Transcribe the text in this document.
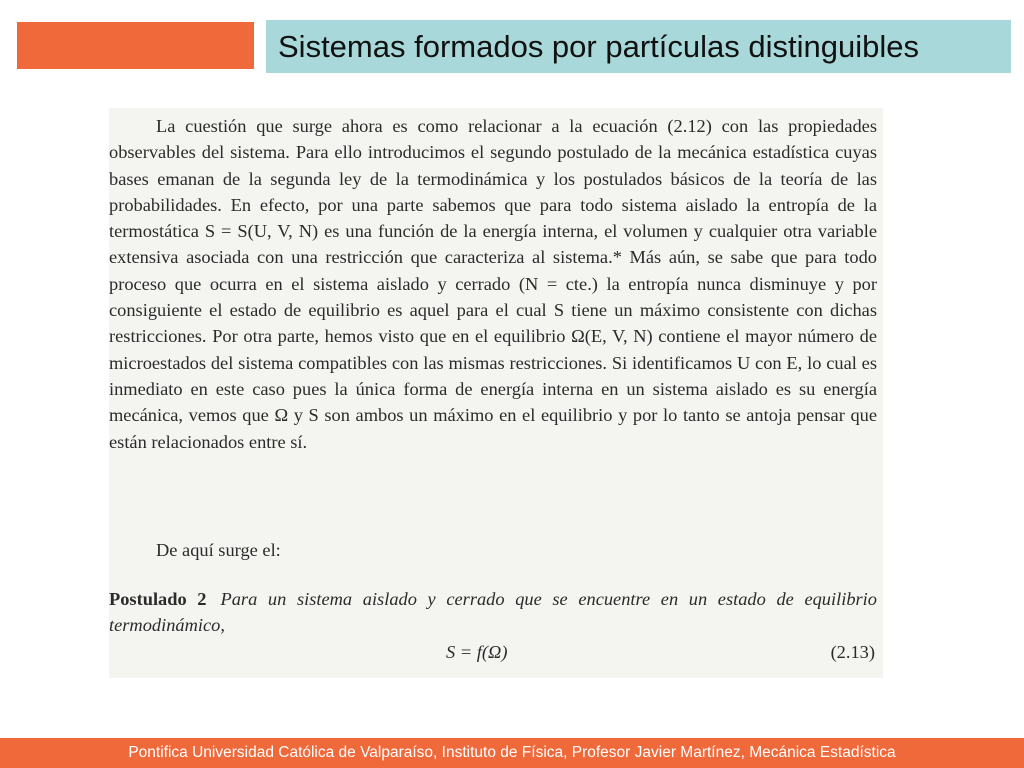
Sistemas formados por partículas distinguibles

La cuestión que surge ahora es como relacionar a la ecuación (2.12) con las propiedades observables del sistema. Para ello introducimos el segundo postulado de la mecánica estadística cuyas bases emanan de la segunda ley de la termodinámica y los postulados básicos de la teoría de las probabilidades. En efecto, por una parte sabemos que para todo sistema aislado la entropía de la termostática S = S(U, V, N) es una función de la energía interna, el volumen y cualquier otra variable extensiva asociada con una restricción que caracteriza al sistema.* Más aún, se sabe que para todo proceso que ocurra en el sistema aislado y cerrado (N = cte.) la entropía nunca disminuye y por consiguiente el estado de equilibrio es aquel para el cual S tiene un máximo consistente con dichas restricciones. Por otra parte, hemos visto que en el equilibrio Ω(E, V, N) contiene el mayor número de microestados del sistema compatibles con las mismas restricciones. Si identificamos U con E, lo cual es inmediato en este caso pues la única forma de energía interna en un sistema aislado es su energía mecánica, vemos que Ω y S son ambos un máximo en el equilibrio y por lo tanto se antoja pensar que están relacionados entre sí.

De aquí surge el:
Postulado 2 Para un sistema aislado y cerrado que se encuentre en un estado de equilibrio termodinámico,
S = f(Ω)	(2.13)
Pontifica Universidad Católica de Valparaíso, Instituto de Física, Profesor Javier Martínez, Mecánica Estadística
